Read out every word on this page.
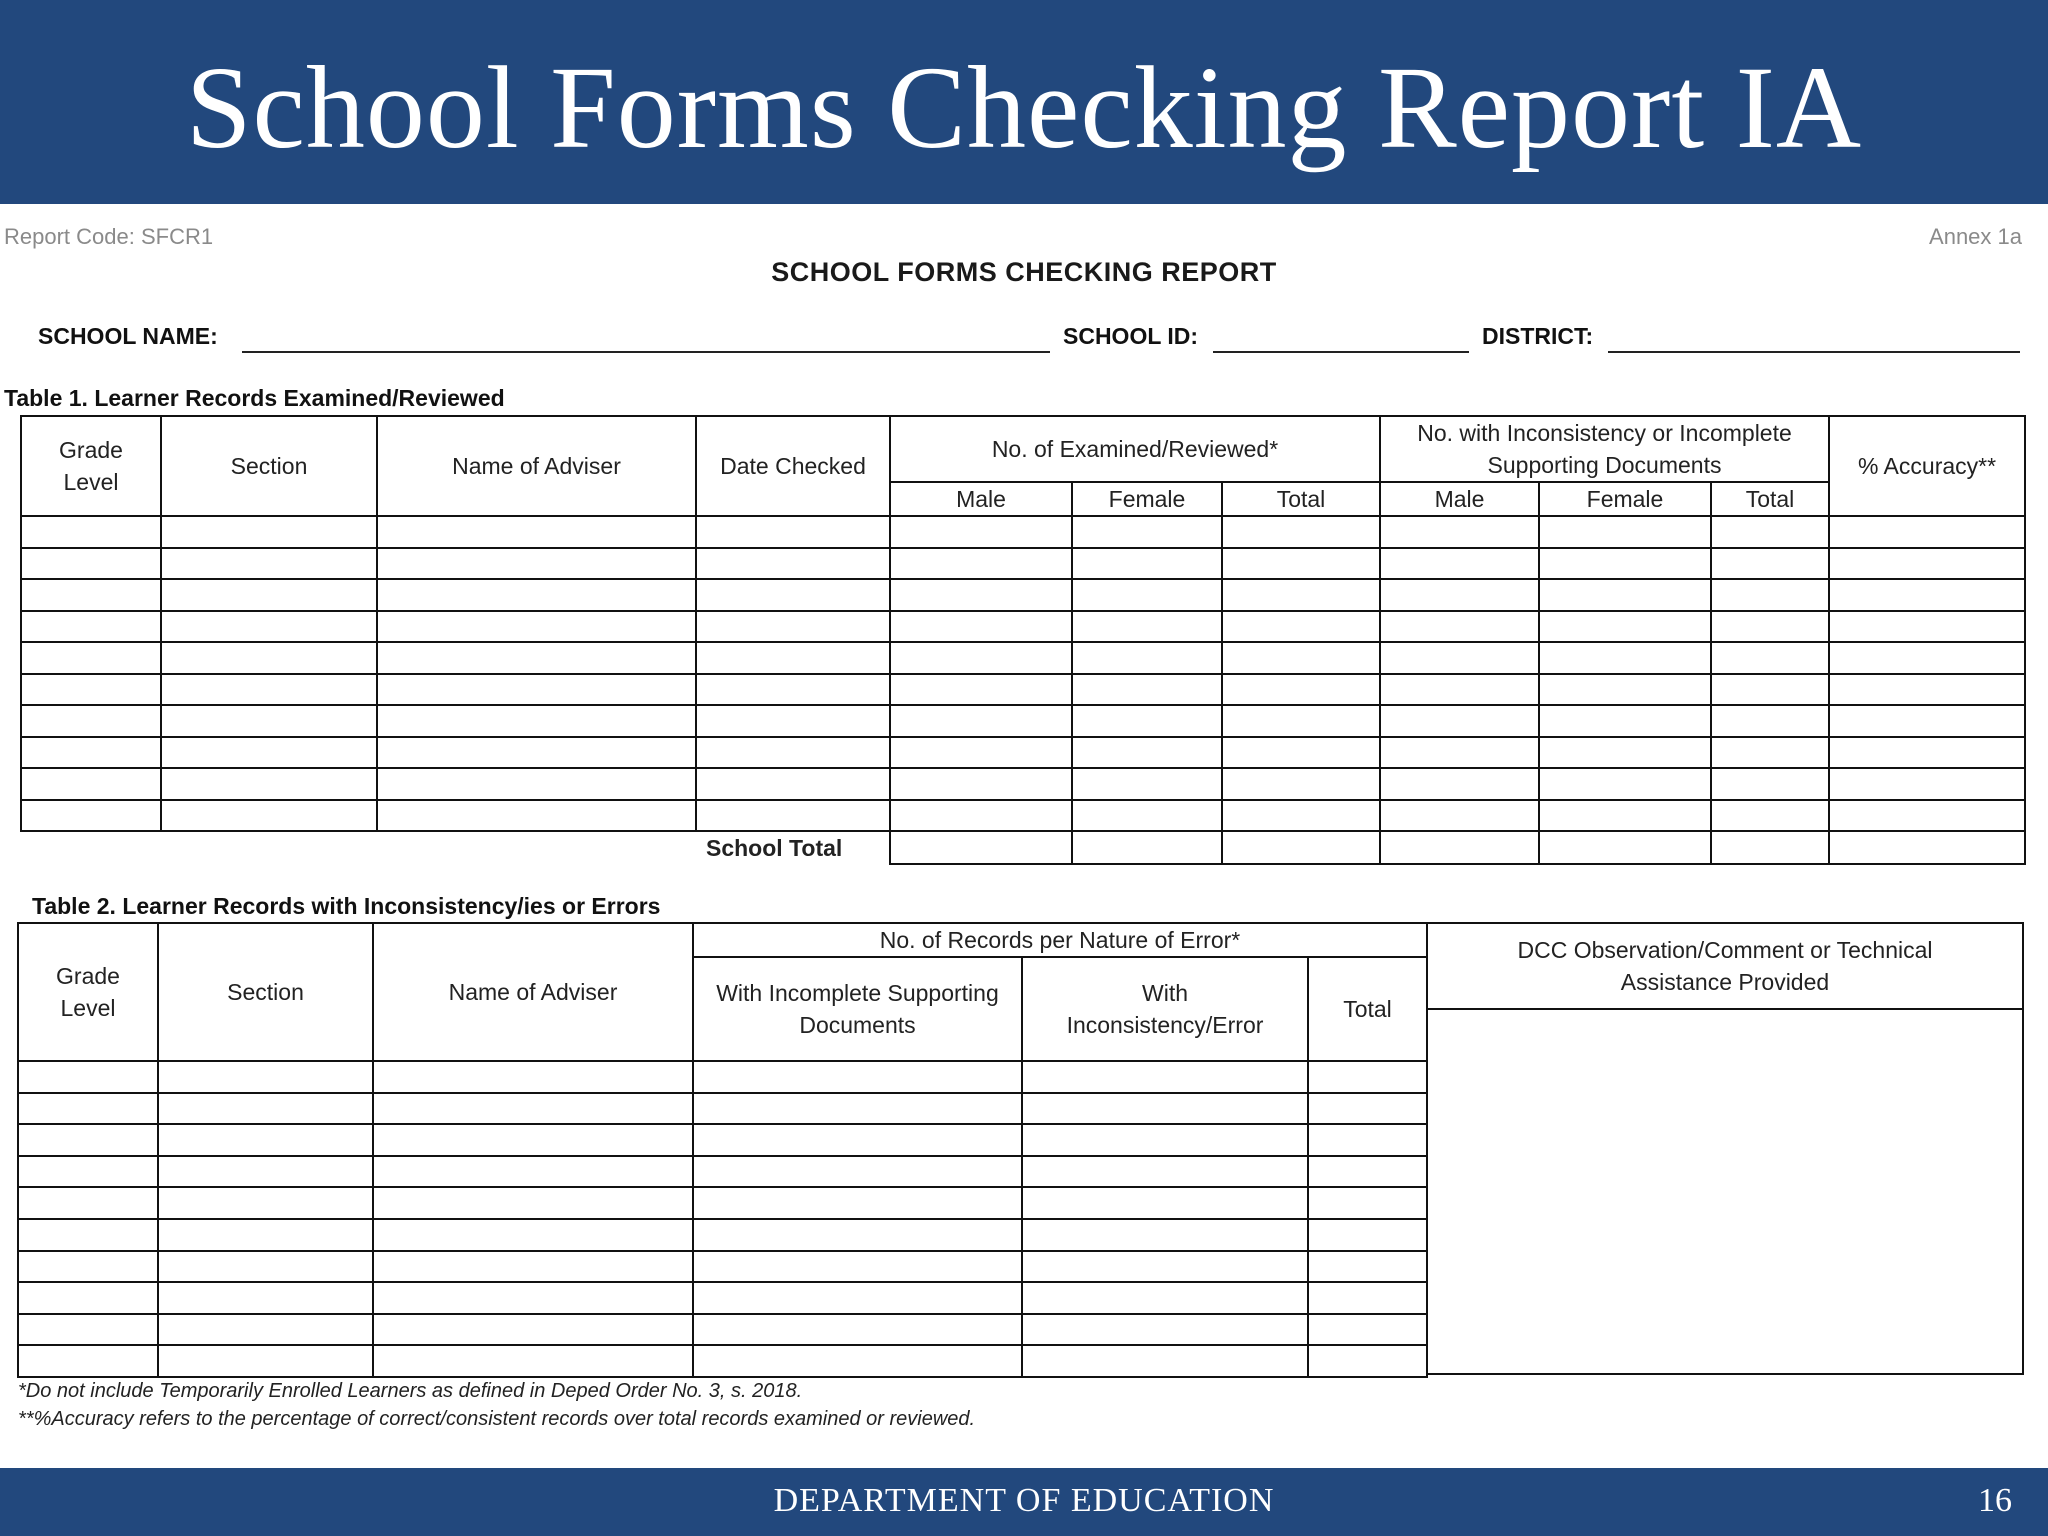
School Forms Checking Report IA
Report Code: SFCR1	Annex 1a
SCHOOL FORMS CHECKING REPORT
SCHOOL NAME:	SCHOOL ID:	DISTRICT:
Table 1. Learner Records Examined/Reviewed
Grade Level	Section	Name of Adviser	Date Checked	No. of Examined/Reviewed*			No. with Inconsistency or Incomplete Supporting Documents			% Accuracy**
				Male	Female	Total	Male	Female	Total	

			School Total							
Table 2. Learner Records with Inconsistency/ies or Errors
Grade Level	Section	Name of Adviser	No. of Records per Nature of Error*		
			With Incomplete Supporting Documents	With Inconsistency/Error	Total

DCC Observation/Comment or Technical Assistance Provided

*Do not include Temporarily Enrolled Learners as defined in Deped Order No. 3, s. 2018.
**%Accuracy refers to the percentage of correct/consistent records over total records examined or reviewed.
DEPARTMENT OF EDUCATION	16
